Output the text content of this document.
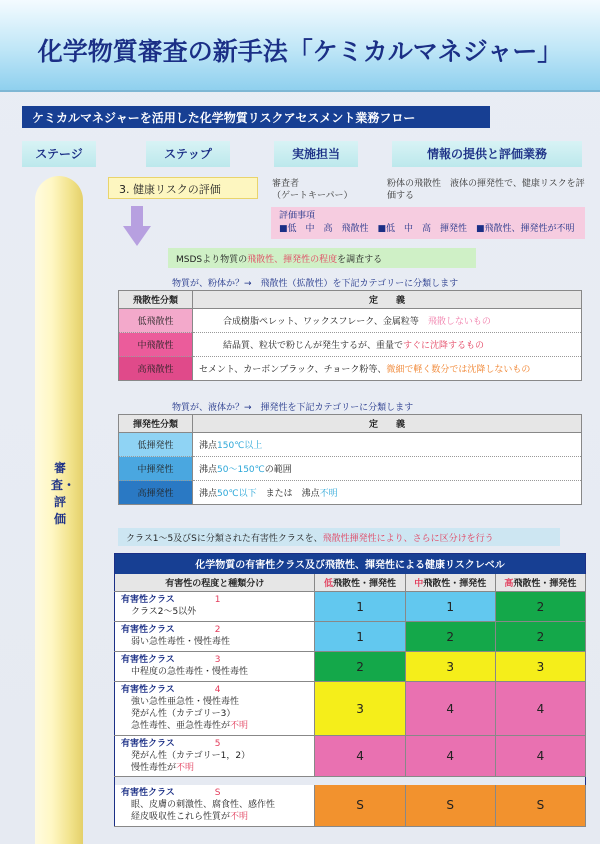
化学物質審査の新手法「ケミカルマネジャー」
ケミカルマネジャーを活用した化学物質リスクアセスメント業務フロー
ステージ	ステップ	実施担当	情報の提供と評価業務
審査・評価
3. 健康リスクの評価	審査者
（ゲートキーパー）
粉体の飛散性　液体の揮発性で、健康リスクを評価する
評価事項
■低　中　高　飛散性　■低　中　高　揮発性　■飛散性、揮発性が不明
MSDSより物質の飛散性、揮発性の程度を調査する
物質が、粉体か？→　飛散性（拡散性）を下記カテゴリーに分類します
飛散性分類	定　　義
低飛散性	合成樹脂ペレット、ワックスフレーク、金属粒等　 飛散しないもの
中飛散性	結晶質、粒状で粉じんが発生するが、重量ですぐに沈降するもの
高飛散性	セメント、カーボンブラック、チョーク粉等、微細で軽く数分では沈降しないもの
物質が、液体か？→　揮発性を下記カテゴリーに分類します
揮発性分類	定　　義
低揮発性	沸点150℃以上
中揮発性	沸点50～150℃の範囲
高揮発性	沸点50℃以下　または　沸点不明
クラス1～5及びSに分類された有害性クラスを、飛散性揮発性により、さらに区分けを行う
化学物質の有害性クラス及び飛散性、揮発性による健康リスクレベル			
有害性の程度と種類分け	低飛散性・揮発性	中飛散性・揮発性	高飛散性・揮発性

有害性クラス 1
クラス2～5以外	1	1	2

有害性クラス 2
弱い急性毒性・慢性毒性	1	2	2

有害性クラス 3
中程度の急性毒性・慢性毒性	2	3	3

有害性クラス 4
強い急性亜急性・慢性毒性
発がん性（カテゴリー3）
急性毒性、亜急性毒性が不明	3	4	4

有害性クラス 5
発がん性（カテゴリー1，2）
慢性毒性が不明	4	4	4

有害性クラス S
眼、皮膚の刺激性、腐食性、感作性
経皮吸収性これら性質が不明	S	S	S
